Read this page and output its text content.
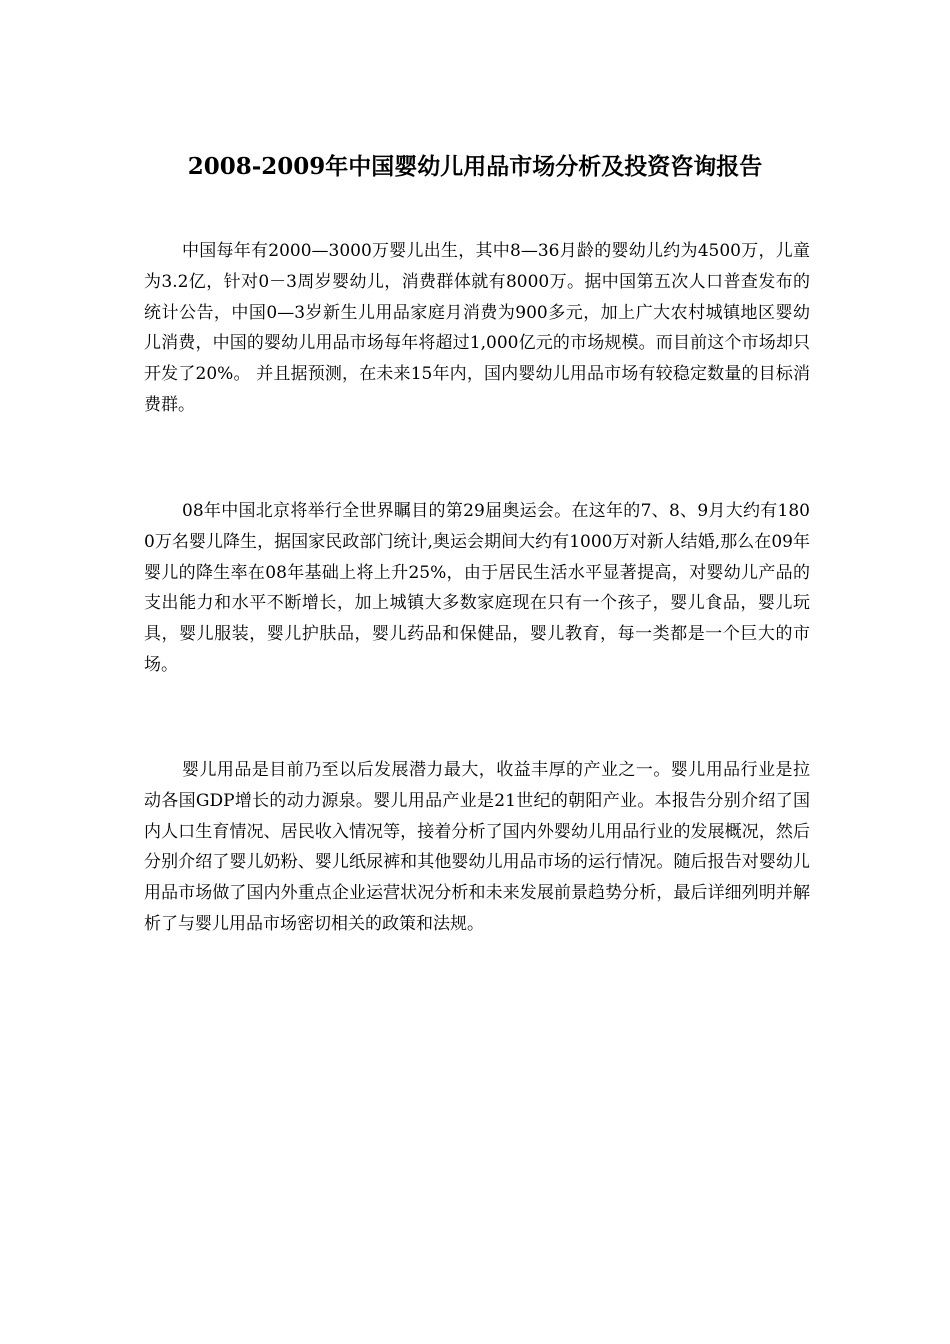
2008-2009年中国婴幼儿用品市场分析及投资咨询报告

中国每年有2000—3000万婴儿出生，其中8—36月龄的婴幼儿约为4500万，儿童为3.2亿，针对0－3周岁婴幼儿，消费群体就有8000万。据中国第五次人口普查发布的统计公告，中国0—3岁新生儿用品家庭月消费为900多元，加上广大农村城镇地区婴幼儿消费，中国的婴幼儿用品市场每年将超过1,000亿元的市场规模。而目前这个市场却只开发了20%。 并且据预测，在未来15年内，国内婴幼儿用品市场有较稳定数量的目标消费群。

08年中国北京将举行全世界瞩目的第29届奥运会。在这年的7、8、9月大约有1800万名婴儿降生，据国家民政部门统计,奥运会期间大约有1000万对新人结婚,那么在09年婴儿的降生率在08年基础上将上升25%，由于居民生活水平显著提高，对婴幼儿产品的支出能力和水平不断增长，加上城镇大多数家庭现在只有一个孩子，婴儿食品，婴儿玩具，婴儿服装，婴儿护肤品，婴儿药品和保健品，婴儿教育，每一类都是一个巨大的市场。

婴儿用品是目前乃至以后发展潜力最大，收益丰厚的产业之一。婴儿用品行业是拉动各国GDP增长的动力源泉。婴儿用品产业是21世纪的朝阳产业。本报告分别介绍了国内人口生育情况、居民收入情况等，接着分析了国内外婴幼儿用品行业的发展概况，然后分别介绍了婴儿奶粉、婴儿纸尿裤和其他婴幼儿用品市场的运行情况。随后报告对婴幼儿用品市场做了国内外重点企业运营状况分析和未来发展前景趋势分析，最后详细列明并解析了与婴儿用品市场密切相关的政策和法规。
